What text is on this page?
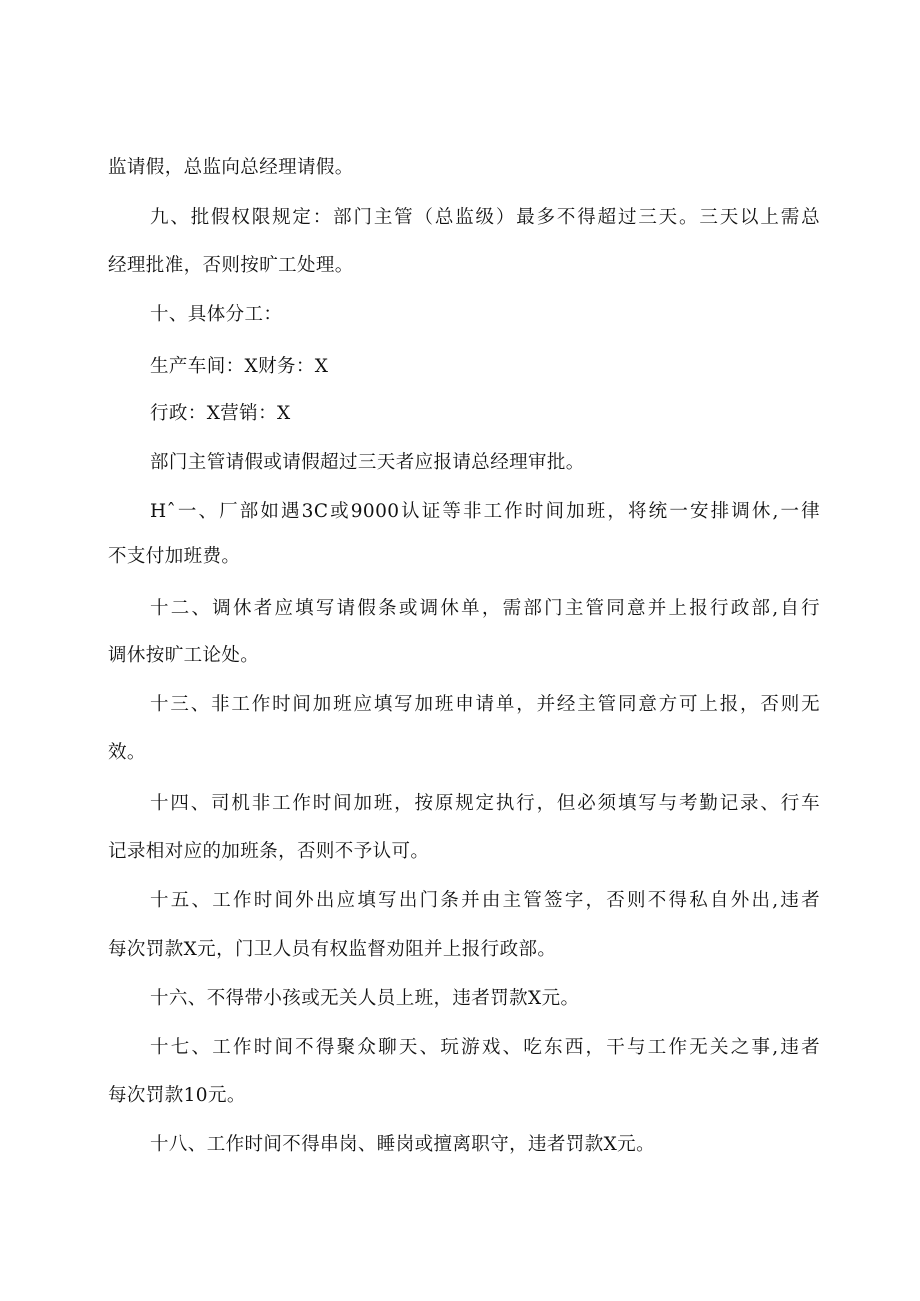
监请假，总监向总经理请假。
九、批假权限规定：部门主管（总监级）最多不得超过三天。三天以上需总
经理批准，否则按旷工处理。
十、具体分工：
生产车间：X财务：X
行政：X营销：X
部门主管请假或请假超过三天者应报请总经理审批。
Hˆ一、厂部如遇3C或9000认证等非工作时间加班，将统一安排调休,一律
不支付加班费。
十二、调休者应填写请假条或调休单，需部门主管同意并上报行政部,自行
调休按旷工论处。
十三、非工作时间加班应填写加班申请单，并经主管同意方可上报，否则无
效。
十四、司机非工作时间加班，按原规定执行，但必须填写与考勤记录、行车
记录相对应的加班条，否则不予认可。
十五、工作时间外出应填写出门条并由主管签字，否则不得私自外出,违者
每次罚款X元，门卫人员有权监督劝阻并上报行政部。
十六、不得带小孩或无关人员上班，违者罚款X元。
十七、工作时间不得聚众聊天、玩游戏、吃东西，干与工作无关之事,违者
每次罚款10元。
十八、工作时间不得串岗、睡岗或擅离职守，违者罚款X元。
